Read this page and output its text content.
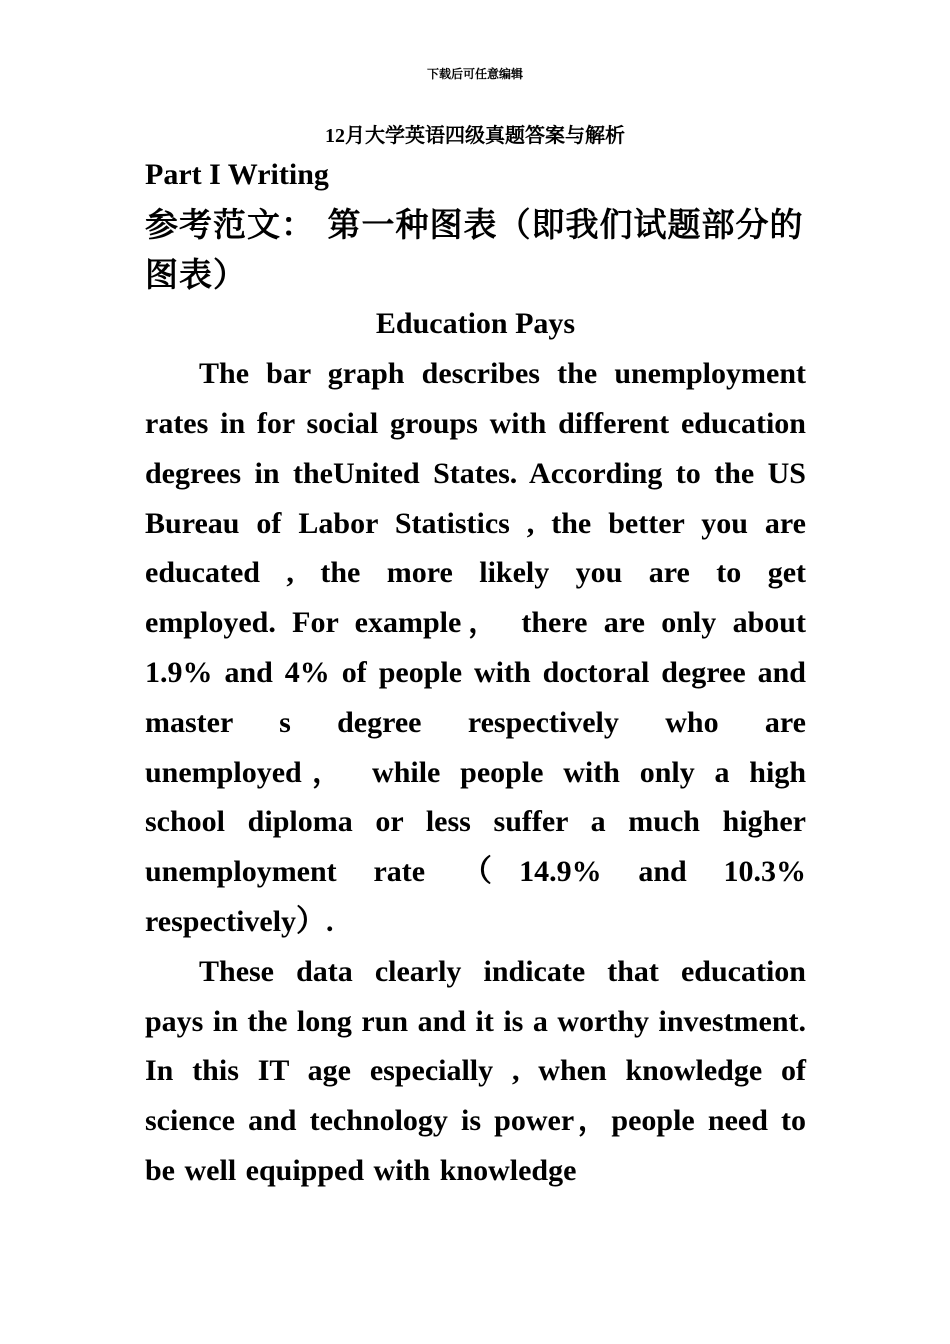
下载后可任意编辑
12月大学英语四级真题答案与解析

Part I Writing

参考范文： 第一种图表（即我们试题部分的图表）

Education Pays

The bar graph describes the unemployment rates in for social groups with different education degrees in theUnited States. According to the US Bureau of Labor Statistics , the better you are educated , the more likely you are to get employed. For example， there are only about 1.9% and 4% of people with doctoral degree and master s degree respectively who are unemployed， while people with only a high school diploma or less suffer a much higher unemployment rate （14.9% and 10.3% respectively）.

These data clearly indicate that education pays in the long run and it is a worthy investment. In this IT age especially , when knowledge of science and technology is power，people need to be well equipped with knowledge
